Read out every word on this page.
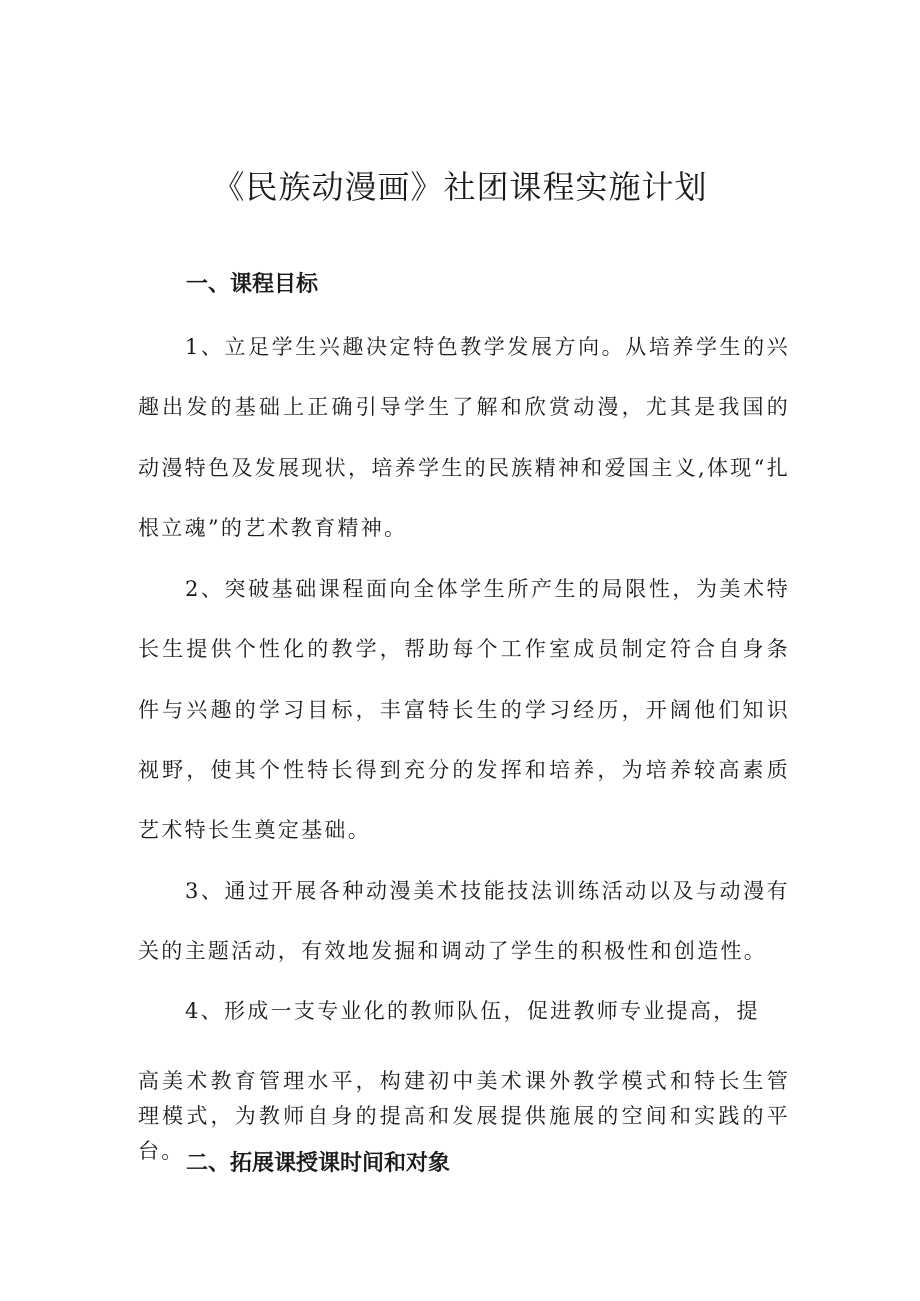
《民族动漫画》社团课程实施计划
一、课程目标

1、立足学生兴趣决定特色教学发展方向。从培养学生的兴趣出发的基础上正确引导学生了解和欣赏动漫，尤其是我国的动漫特色及发展现状，培养学生的民族精神和爱国主义,体现“扎根立魂”的艺术教育精神。

2、突破基础课程面向全体学生所产生的局限性，为美术特长生提供个性化的教学，帮助每个工作室成员制定符合自身条件与兴趣的学习目标，丰富特长生的学习经历，开阔他们知识视野，使其个性特长得到充分的发挥和培养，为培养较高素质艺术特长生奠定基础。

3、通过开展各种动漫美术技能技法训练活动以及与动漫有关的主题活动，有效地发掘和调动了学生的积极性和创造性。

4、形成一支专业化的教师队伍，促进教师专业提高，提

高美术教育管理水平，构建初中美术课外教学模式和特长生管理模式，为教师自身的提高和发展提供施展的空间和实践的平台。 二、拓展课授课时间和对象
